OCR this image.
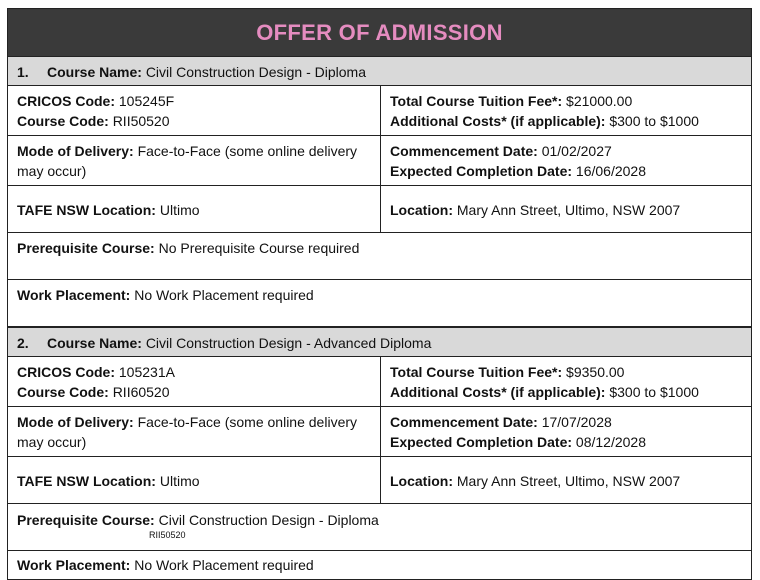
OFFER OF ADMISSION
1. Course Name: Civil Construction Design - Diploma
CRICOS Code: 105245F
Course Code: RII50520
Total Course Tuition Fee*: $21000.00
Additional Costs* (if applicable): $300 to $1000
Mode of Delivery: Face-to-Face (some online delivery may occur)
Commencement Date: 01/02/2027
Expected Completion Date: 16/06/2028
TAFE NSW Location: Ultimo	Location: Mary Ann Street, Ultimo, NSW 2007
Prerequisite Course: No Prerequisite Course required
Work Placement: No Work Placement required
2. Course Name: Civil Construction Design - Advanced Diploma
CRICOS Code: 105231A
Course Code: RII60520
Total Course Tuition Fee*: $9350.00
Additional Costs* (if applicable): $300 to $1000
Mode of Delivery: Face-to-Face (some online delivery may occur)
Commencement Date: 17/07/2028
Expected Completion Date: 08/12/2028
TAFE NSW Location: Ultimo	Location: Mary Ann Street, Ultimo, NSW 2007
Prerequisite Course: Civil Construction Design - Diploma
RII50520
Work Placement: No Work Placement required
